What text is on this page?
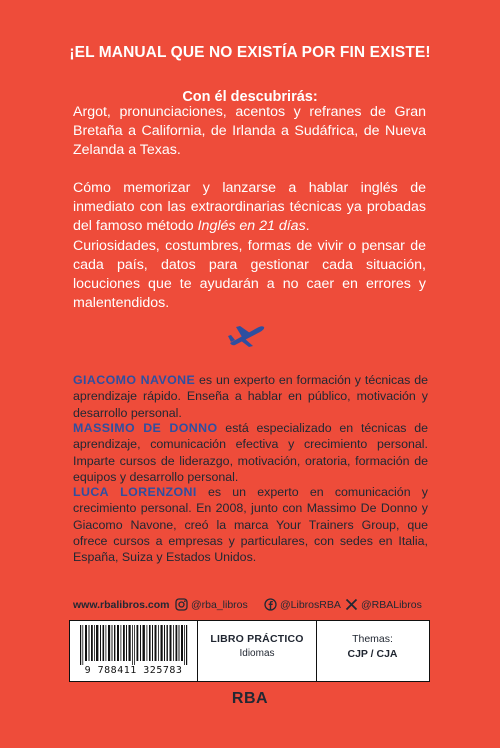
¡EL MANUAL QUE NO EXISTÍA POR FIN EXISTE!
Con él descubrirás:
Argot, pronunciaciones, acentos y refranes de Gran Bretaña a California, de Irlanda a Sudáfrica, de Nueva Zelanda a Texas.
Cómo memorizar y lanzarse a hablar inglés de inmediato con las extraordinarias técnicas ya probadas del famoso método Inglés en 21 días.
Curiosidades, costumbres, formas de vivir o pensar de cada país, datos para gestionar cada situación, locuciones que te ayudarán a no caer en errores y malentendidos.
GIACOMO NAVONE es un experto en formación y técnicas de aprendizaje rápido. Enseña a hablar en público, motivación y desarrollo personal.
MASSIMO DE DONNO está especializado en técnicas de aprendizaje, comunicación efectiva y crecimiento personal. Imparte cursos de liderazgo, motivación, oratoria, formación de equipos y desarrollo personal.
LUCA LORENZONI es un experto en comunicación y crecimiento personal. En 2008, junto con Massimo De Donno y Giacomo Navone, creó la marca Your Trainers Group, que ofrece cursos a empresas y particulares, con sedes en Italia, España, Suiza y Estados Unidos.
www.rbalibros.com @rba_libros	@LibrosRBA @RBALibros
9 788411 325783
LIBRO PRÁCTICO
Idiomas
Themas:
CJP / CJA
RBA
